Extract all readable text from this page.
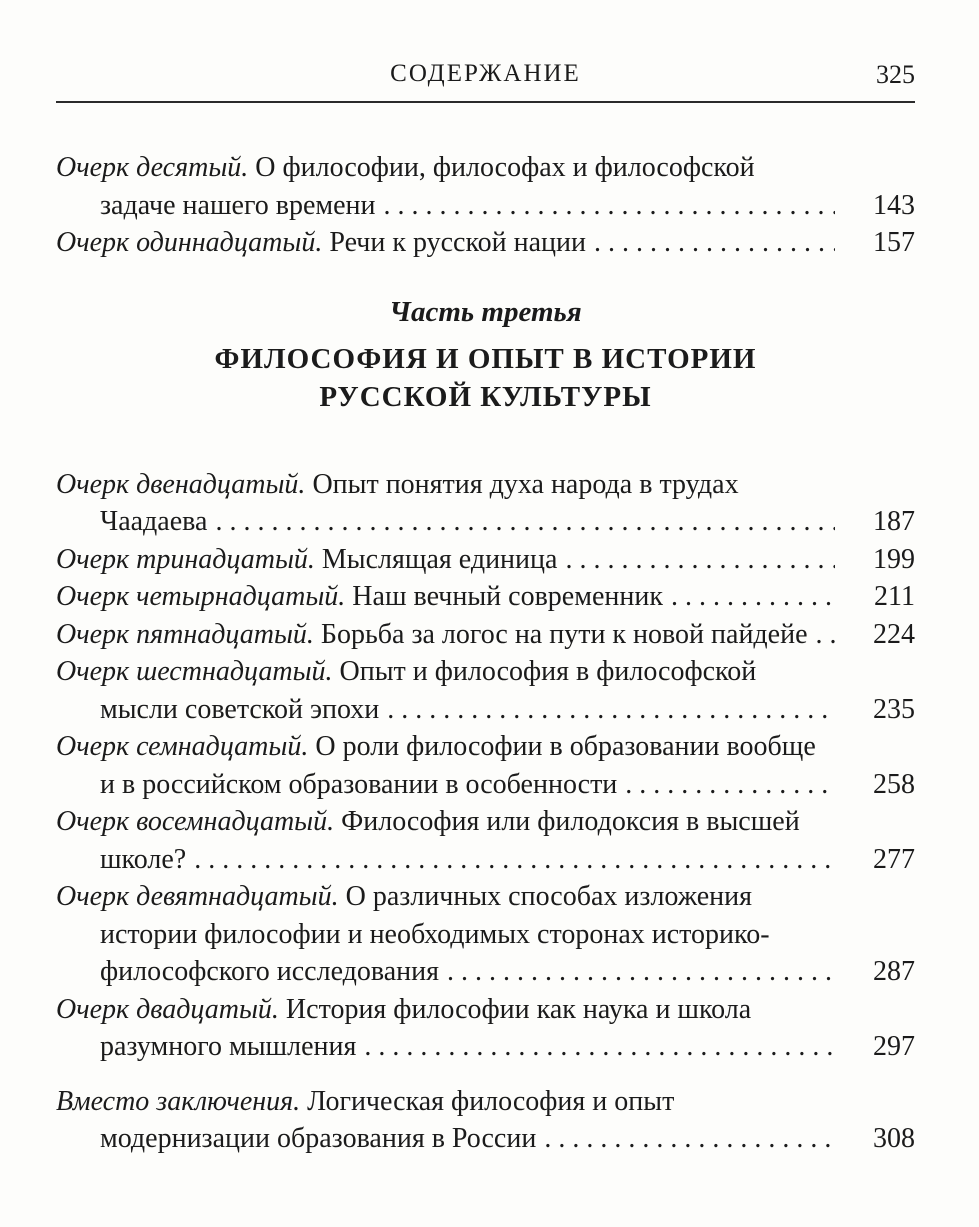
СОДЕРЖАНИЕ	325
Очерк десятый. О философии, философах и философской задаче нашего времени . . .	143
Очерк одиннадцатый. Речи к русской нации . . .	157
Часть третья
ФИЛОСОФИЯ И ОПЫТ В ИСТОРИИ
РУССКОЙ КУЛЬТУРЫ
Очерк двенадцатый. Опыт понятия духа народа в трудах Чаадаева . . .	187
Очерк тринадцатый. Мыслящая единица . . .	199
Очерк четырнадцатый. Наш вечный современник . . .	211
Очерк пятнадцатый. Борьба за логос на пути к новой пайдейе . . .	224
Очерк шестнадцатый. Опыт и философия в философской мысли советской эпохи . . .	235
Очерк семнадцатый. О роли философии в образовании вообще и в российском образовании в особенности . . .	258
Очерк восемнадцатый. Философия или филодоксия в высшей школе? . . .	277
Очерк девятнадцатый. О различных способах изложения истории философии и необходимых сторонах историко-философского исследования . . .	287
Очерк двадцатый. История философии как наука и школа разумного мышления . . .	297
Вместо заключения. Логическая философия и опыт модернизации образования в России . . .	308
